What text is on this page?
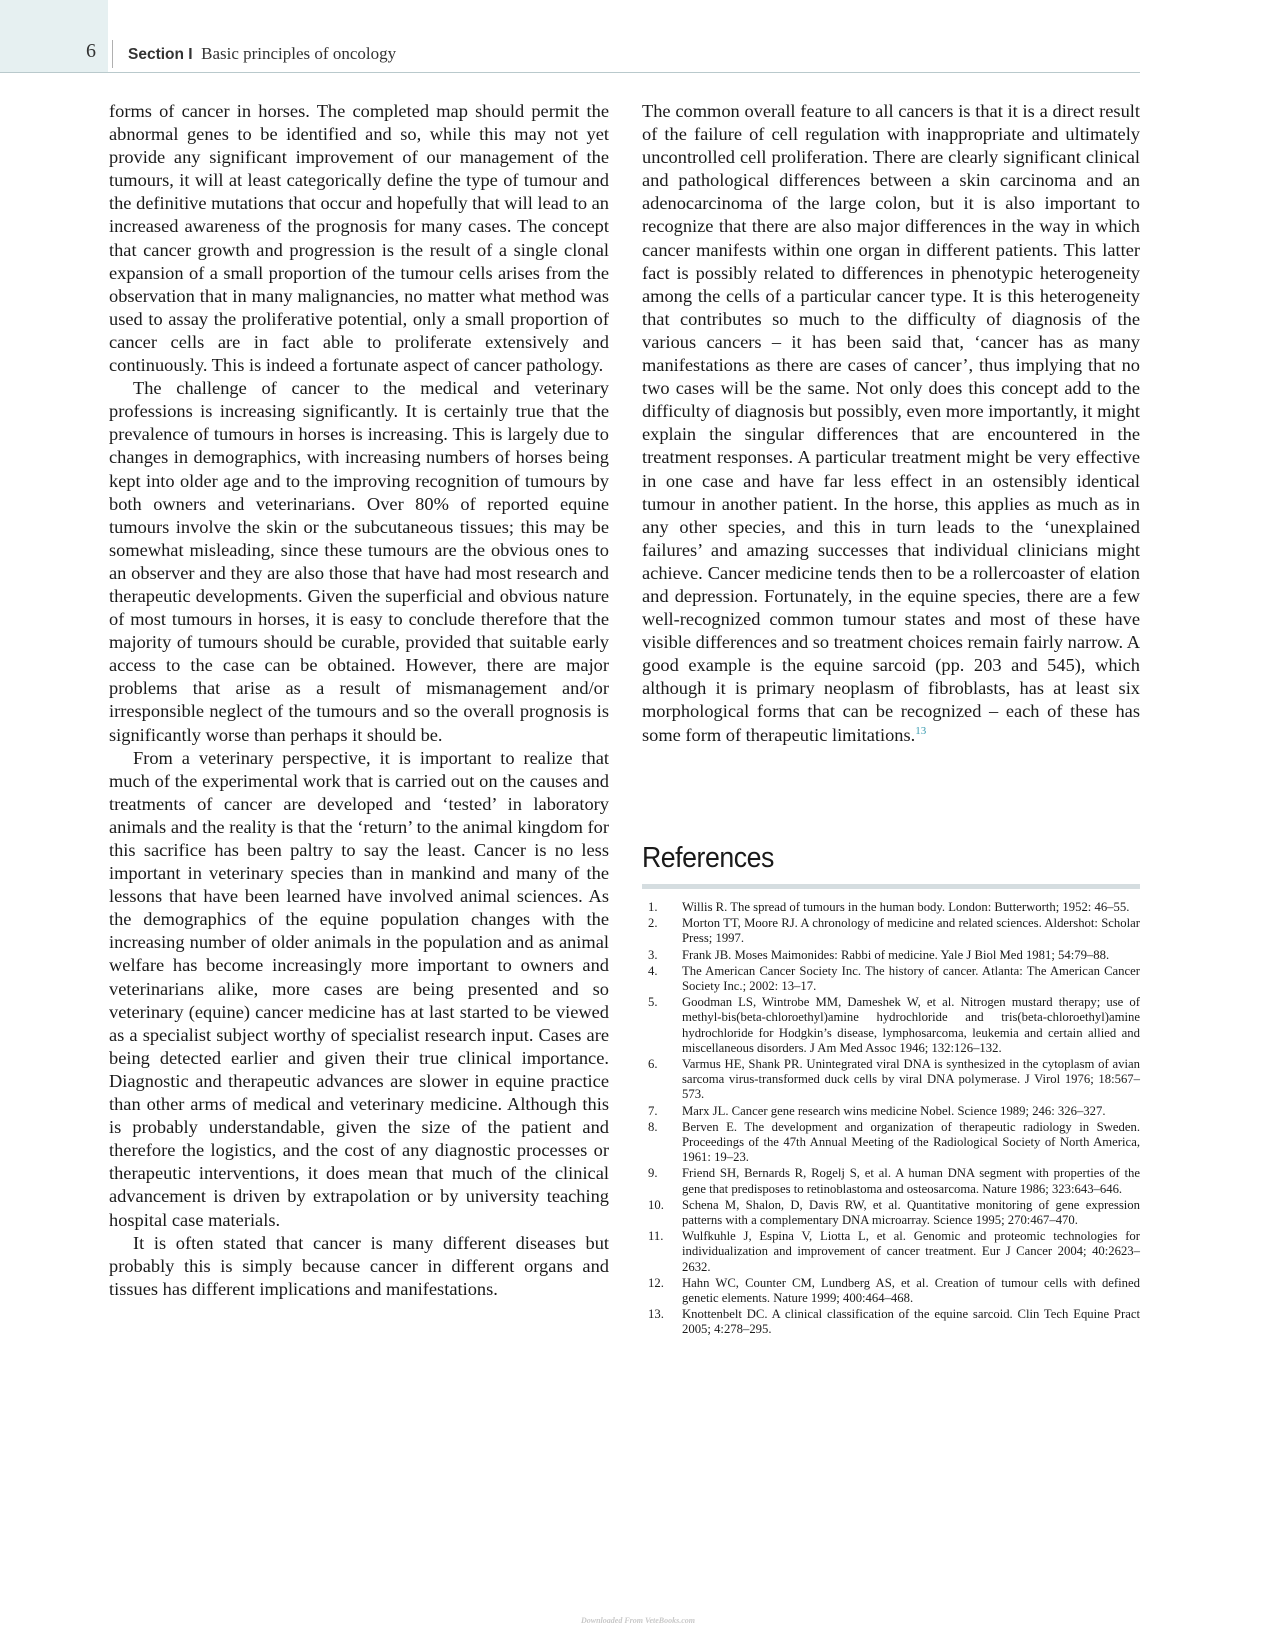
6 Section I Basic principles of oncology

forms of cancer in horses. The completed map should permit the abnormal genes to be identified and so, while this may not yet provide any significant improvement of our management of the tumours, it will at least categorically define the type of tumour and the definitive mutations that occur and hopefully that will lead to an increased awareness of the prognosis for many cases. The concept that cancer growth and progression is the result of a single clonal expansion of a small proportion of the tumour cells arises from the observation that in many malignancies, no matter what method was used to assay the proliferative potential, only a small proportion of cancer cells are in fact able to proliferate extensively and continuously. This is indeed a fortunate aspect of cancer pathology.

The challenge of cancer to the medical and veterinary professions is increasing significantly. It is certainly true that the prevalence of tumours in horses is increasing. This is largely due to changes in demographics, with increasing numbers of horses being kept into older age and to the improving recognition of tumours by both owners and veterinarians. Over 80% of reported equine tumours involve the skin or the subcutaneous tissues; this may be somewhat misleading, since these tumours are the obvious ones to an observer and they are also those that have had most research and therapeutic developments. Given the superficial and obvious nature of most tumours in horses, it is easy to conclude therefore that the majority of tumours should be curable, provided that suitable early access to the case can be obtained. However, there are major problems that arise as a result of mismanagement and/or irresponsible neglect of the tumours and so the overall prognosis is significantly worse than perhaps it should be.

From a veterinary perspective, it is important to realize that much of the experimental work that is carried out on the causes and treatments of cancer are developed and ‘tested’ in laboratory animals and the reality is that the ‘return’ to the animal kingdom for this sacrifice has been paltry to say the least. Cancer is no less important in veterinary species than in mankind and many of the lessons that have been learned have involved animal sciences. As the demographics of the equine population changes with the increasing number of older animals in the population and as animal welfare has become increasingly more important to owners and veterinarians alike, more cases are being presented and so veterinary (equine) cancer medicine has at last started to be viewed as a specialist subject worthy of specialist research input. Cases are being detected earlier and given their true clinical importance. Diagnostic and therapeutic advances are slower in equine practice than other arms of medical and veterinary medicine. Although this is probably understandable, given the size of the patient and therefore the logistics, and the cost of any diagnostic processes or therapeutic interventions, it does mean that much of the clinical advancement is driven by extrapolation or by university teaching hospital case materials.

It is often stated that cancer is many different diseases but probably this is simply because cancer in different organs and tissues has different implications and manifestations.

The common overall feature to all cancers is that it is a direct result of the failure of cell regulation with inappropriate and ultimately uncontrolled cell proliferation. There are clearly significant clinical and pathological differences between a skin carcinoma and an adenocarcinoma of the large colon, but it is also important to recognize that there are also major differences in the way in which cancer manifests within one organ in different patients. This latter fact is possibly related to differences in phenotypic heterogeneity among the cells of a particular cancer type. It is this heterogeneity that contributes so much to the difficulty of diagnosis of the various cancers – it has been said that, ‘cancer has as many manifestations as there are cases of cancer’, thus implying that no two cases will be the same. Not only does this concept add to the difficulty of diagnosis but possibly, even more importantly, it might explain the singular differences that are encountered in the treatment responses. A particular treatment might be very effective in one case and have far less effect in an ostensibly identical tumour in another patient. In the horse, this applies as much as in any other species, and this in turn leads to the ‘unexplained failures’ and amazing successes that individual clinicians might achieve. Cancer medicine tends then to be a rollercoaster of elation and depression. Fortunately, in the equine species, there are a few well-recognized common tumour states and most of these have visible differences and so treatment choices remain fairly narrow. A good example is the equine sarcoid (pp. 203 and 545), which although it is primary neoplasm of fibroblasts, has at least six morphological forms that can be recognized – each of these has some form of therapeutic limitations.$^{13}$

References
1. Willis R. The spread of tumours in the human body. London: Butterworth; 1952: 46–55.
2. Morton TT, Moore RJ. A chronology of medicine and related sciences. Aldershot: Scholar Press; 1997.
3. Frank JB. Moses Maimonides: Rabbi of medicine. Yale J Biol Med 1981; 54:79–88.
4. The American Cancer Society Inc. The history of cancer. Atlanta: The American Cancer Society Inc.; 2002: 13–17.
5. Goodman LS, Wintrobe MM, Dameshek W, et al. Nitrogen mustard therapy; use of methyl-bis(beta-chloroethyl)amine hydrochloride and tris(beta-chloroethyl)amine hydrochloride for Hodgkin’s disease, lymphosarcoma, leukemia and certain allied and miscellaneous disorders. J Am Med Assoc 1946; 132:126–132.
6. Varmus HE, Shank PR. Unintegrated viral DNA is synthesized in the cytoplasm of avian sarcoma virus-transformed duck cells by viral DNA polymerase. J Virol 1976; 18:567–573.
7. Marx JL. Cancer gene research wins medicine Nobel. Science 1989; 246: 326–327.
8. Berven E. The development and organization of therapeutic radiology in Sweden. Proceedings of the 47th Annual Meeting of the Radiological Society of North America, 1961: 19–23.
9. Friend SH, Bernards R, Rogelj S, et al. A human DNA segment with properties of the gene that predisposes to retinoblastoma and osteosarcoma. Nature 1986; 323:643–646.
10. Schena M, Shalon, D, Davis RW, et al. Quantitative monitoring of gene expression patterns with a complementary DNA microarray. Science 1995; 270:467–470.
11. Wulfkuhle J, Espina V, Liotta L, et al. Genomic and proteomic technologies for individualization and improvement of cancer treatment. Eur J Cancer 2004; 40:2623–2632.
12. Hahn WC, Counter CM, Lundberg AS, et al. Creation of tumour cells with defined genetic elements. Nature 1999; 400:464–468.
13. Knottenbelt DC. A clinical classification of the equine sarcoid. Clin Tech Equine Pract 2005; 4:278–295.
Downloaded From VeteBooks.com
